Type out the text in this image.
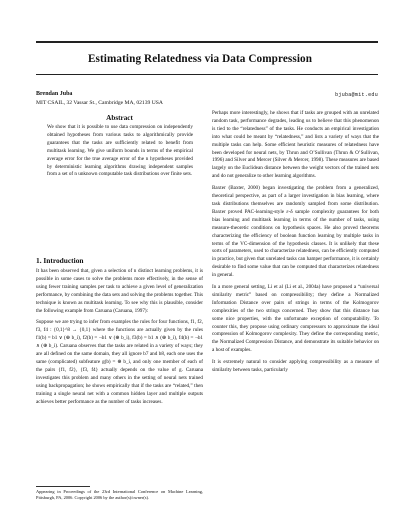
Estimating Relatedness via Data Compression
Brendan Juba	bjuba@mit.edu
MIT CSAIL, 32 Vassar St., Cambridge MA, 02139 USA
Abstract

We show that it is possible to use data compression on independently obtained hypotheses from various tasks to algorithmically provide guarantees that the tasks are sufficiently related to benefit from multitask learning. We give uniform bounds in terms of the empirical average error for the true average error of the n hypotheses provided by deterministic learning algorithms drawing independent samples from a set of n unknown computable task distributions over finite sets.

1. Introduction

It has been observed that, given a selection of n distinct learning problems, it is possible in some cases to solve the problems more effectively, in the sense of using fewer training samples per task to achieve a given level of generalization performance, by combining the data sets and solving the problems together. This technique is known as multitask learning. To see why this is plausible, consider the following example from Caruana (Caruana, 1997):

Suppose we are trying to infer from examples the rules for four functions, f1, f2, f3, f4 : {0,1}^8 → {0,1} where the functions are actually given by the rules f1(b) = b1 ∨ (⊕ b_i), f2(b) = ¬b1 ∨ (⊕ b_i), f3(b) = b1 ∧ (⊕ b_i), f4(b) = ¬b1 ∧ (⊕ b_i). Caruana observes that the tasks are related in a variety of ways; they are all defined on the same domain, they all ignore b7 and b8, each one uses the same (complicated) subfeature g(b) = ⊕ b_i, and only one member of each of the pairs {f1, f2}, {f3, f4} actually depends on the value of g. Caruana investigates this problem and many others in the setting of neural nets trained using backpropagation; he shows empirically that if the tasks are “related,” then training a single neural net with a common hidden layer and multiple outputs achieves better performance as the number of tasks increases.

Appearing in Proceedings of the 23rd International Conference on Machine Learning, Pittsburgh, PA, 2006. Copyright 2006 by the author(s)/owner(s).

Perhaps more interestingly, he shows that if tasks are grouped with an unrelated random task, performance degrades, leading us to believe that this phenomenon is tied to the “relatedness” of the tasks. He conducts an empirical investigation into what could be meant by “relatedness,” and lists a variety of ways that the multiple tasks can help. Some efficient heuristic measures of relatedness have been developed for neural nets, by Thrun and O’Sullivan (Thrun & O’Sullivan, 1996) and Silver and Mercer (Silver & Mercer, 1998). These measures are based largely on the Euclidean distance between the weight vectors of the trained nets and do not generalize to other learning algorithms.

Baxter (Baxter, 2000) began investigating the problem from a generalized, theoretical perspective, as part of a larger investigation in bias learning, where task distributions themselves are randomly sampled from some distribution. Baxter proved PAC-learning-style ε-δ sample complexity guarantees for both bias learning and multitask learning in terms of the number of tasks, using measure-theoretic conditions on hypothesis spaces. He also proved theorems characterizing the efficiency of boolean function learning by multiple tasks in terms of the VC-dimension of the hypothesis classes. It is unlikely that these sorts of parameters, used to characterize relatedness, can be efficiently computed in practice, but given that unrelated tasks can hamper performance, it is certainly desirable to find some value that can be computed that characterizes relatedness in general.

In a more general setting, Li et al (Li et al., 2004a) have proposed a “universal similarity metric” based on compressibility; they define a Normalized Information Distance over pairs of strings in terms of the Kolmogorov complexities of the two strings concerned. They show that this distance has some nice properties, with the unfortunate exception of computability. To counter this, they propose using ordinary compressors to approximate the ideal compression of Kolmogorov complexity. They define the corresponding metric, the Normalized Compression Distance, and demonstrate its suitable behavior on a host of examples.

It is extremely natural to consider applying compressibility as a measure of similarity between tasks, particularly
